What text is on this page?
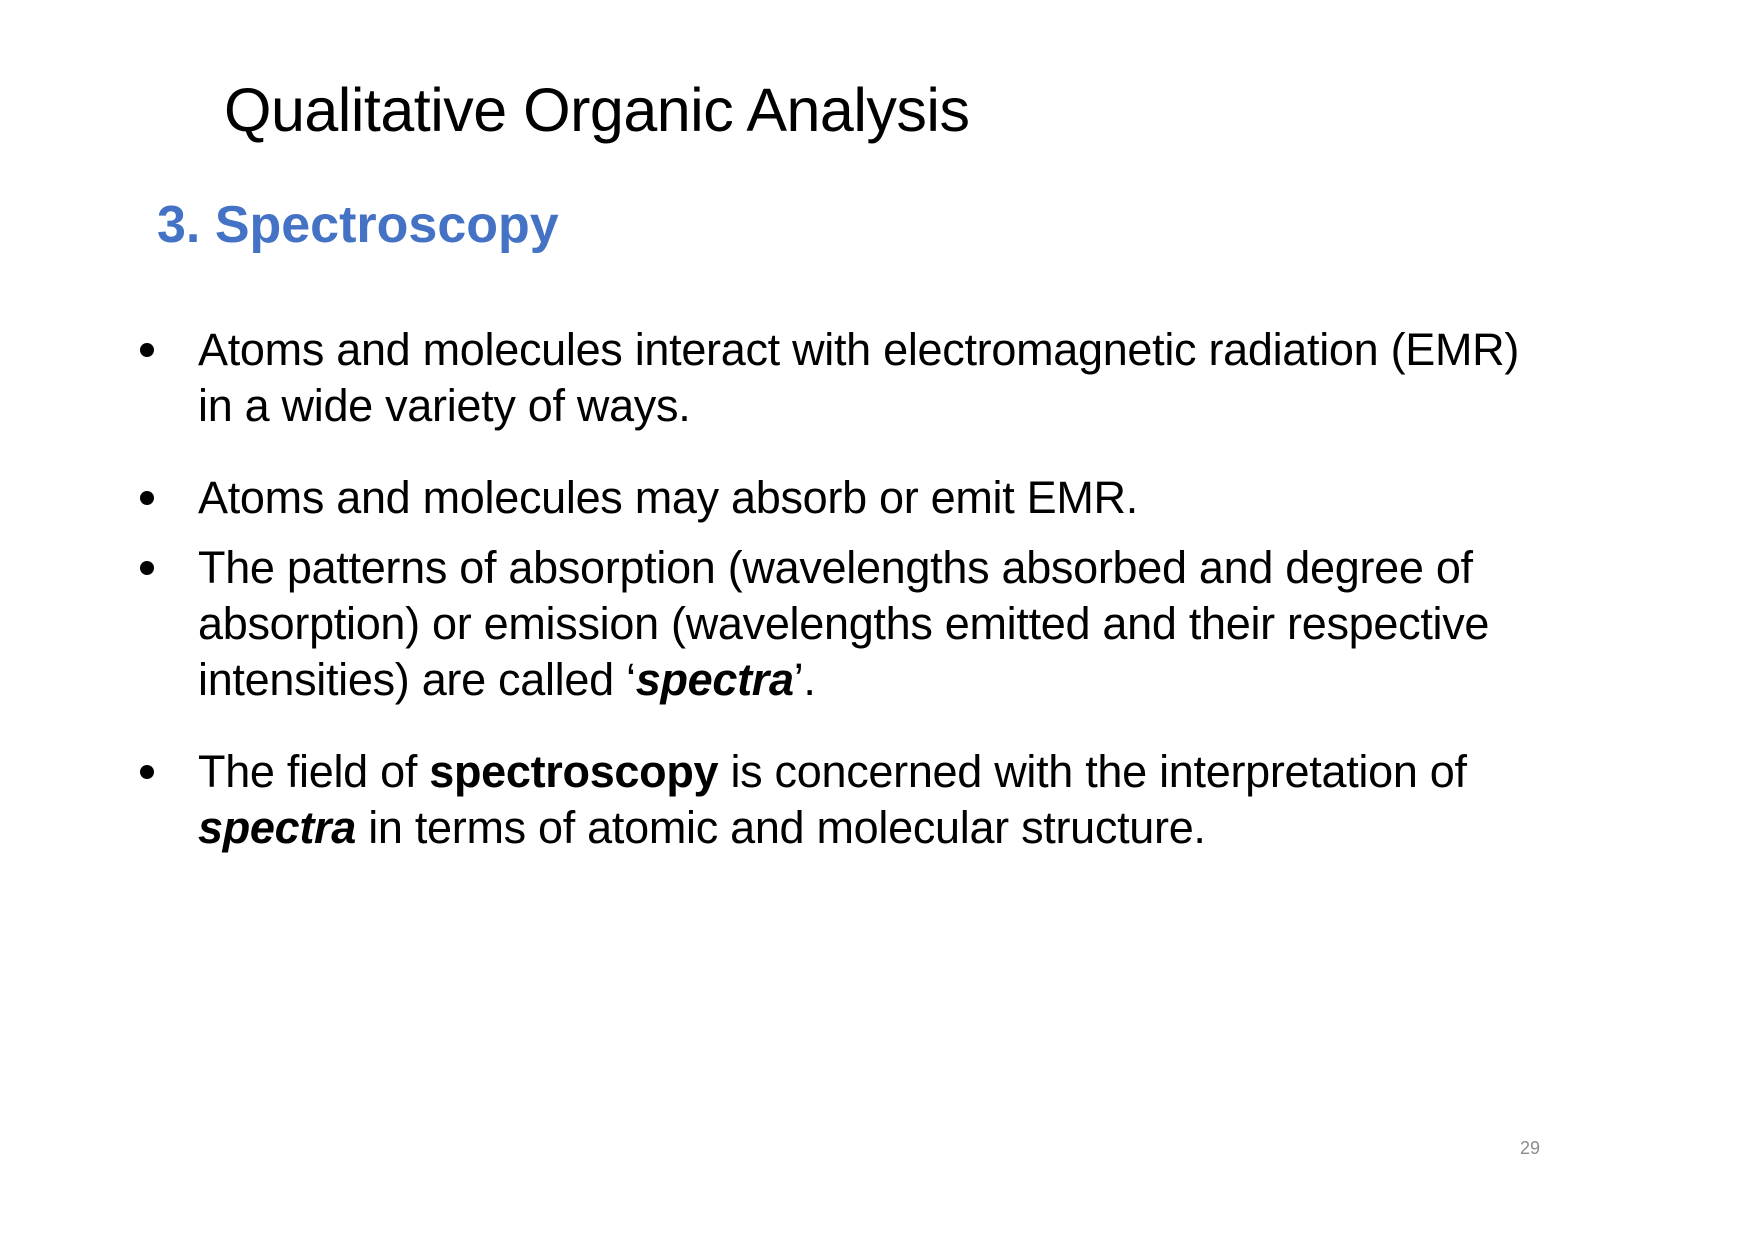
Qualitative Organic Analysis
3. Spectroscopy
Atoms and molecules interact with electromagnetic radiation (EMR) in a wide variety of ways.
Atoms and molecules may absorb or emit EMR.
The patterns of absorption (wavelengths absorbed and degree of absorption) or emission (wavelengths emitted and their respective intensities) are called ‘spectra’.
The field of spectroscopy is concerned with the interpretation of spectra in terms of atomic and molecular structure.
29
